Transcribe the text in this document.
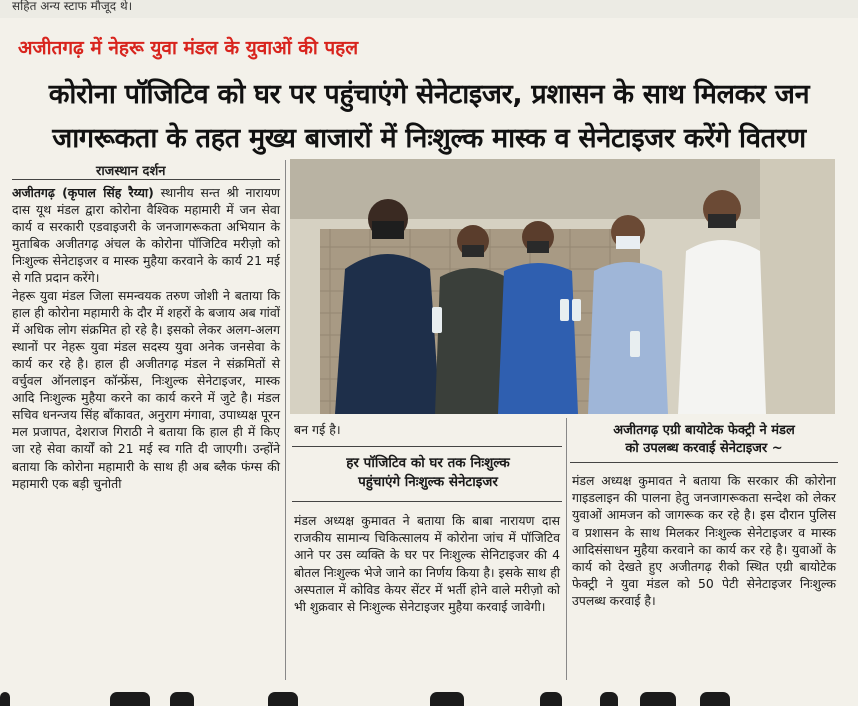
सहित अन्य स्टाफ मौजूद थे।
अजीतगढ़ में नेहरू युवा मंडल के युवाओं की पहल
कोरोना पॉजिटिव को घर पर पहुंचाएंगे सेनेटाइजर, प्रशासन के साथ मिलकर जन
जागरूकता के तहत मुख्य बाजारों में निःशुल्क मास्क व सेनेटाइजर करेंगे वितरण
राजस्थान दर्शन

अजीतगढ़ (कृपाल सिंह रैय्या) स्थानीय सन्त श्री नारायण दास यूथ मंडल द्वारा कोरोना वैश्विक महामारी में जन सेवा कार्य व सरकारी एडवाइजरी के जनजागरूकता अभियान के मुताबिक अजीतगढ़ अंचल के कोरोना पॉजिटिव मरीज़ो को निःशुल्क सेनेटाइजर व मास्क मुहैया करवाने के कार्य 21 मई से गति प्रदान करेंगे।

नेहरू युवा मंडल जिला समन्वयक तरुण जोशी ने बताया कि हाल ही कोरोना महामारी के दौर में शहरों के बजाय अब गांवों में अधिक लोग संक्रमित हो रहे है। इसको लेकर अलग-अलग स्थानों पर नेहरू युवा मंडल सदस्य युवा अनेक जनसेवा के कार्य कर रहे है। हाल ही अजीतगढ़ मंडल ने संक्रमितों से वर्चुवल ऑनलाइन कॉन्फ्रेंस, निःशुल्क सेनेटाइजर, मास्क आदि निःशुल्क मुहैया करने का कार्य करने में जुटे है। मंडल सचिव धनन्जय सिंह बाँकावत, अनुराग मंगावा, उपाध्यक्ष पूरन मल प्रजापत, देशराज गिराठी ने बताया कि हाल ही में किए जा रहे सेवा कार्यों को 21 मई स्व गति दी जाएगी। उन्होंने बताया कि कोरोना महामारी के साथ ही अब ब्लैक फंग्स की महामारी एक बड़ी चुनोती

बन गई है।
हर पॉजिटिव को घर तक निःशुल्क
पहुंचाएंगे निःशुल्क सेनेटाइजर
मंडल अध्यक्ष कुमावत ने बताया कि बाबा नारायण दास राजकीय सामान्य चिकित्सालय में कोरोना जांच में पॉजिटिव आने पर उस व्यक्ति के घर पर निःशुल्क सेनिटाइजर की 4 बोतल निःशुल्क भेजे जाने का निर्णय किया है। इसके साथ ही अस्पताल में कोविड केयर सेंटर में भर्ती होने वाले मरीज़ो को भी शुक्रवार से निःशुल्क सेनेटाइजर मुहैया करवाई जावेगी।
अजीतगढ़ एग्री बायोटेक फेक्ट्री ने मंडल
को उपलब्ध करवाई सेनेटाइजर ~
मंडल अध्यक्ष कुमावत ने बताया कि सरकार की कोरोना गाइडलाइन की पालना हेतु जनजागरूकता सन्देश को लेकर युवाओं आमजन को जागरूक कर रहे है। इस दौरान पुलिस व प्रशासन के साथ मिलकर निःशुल्क सेनेटाइजर व मास्क आदिसंसाधन मुहैया करवाने का कार्य कर रहे है। युवाओं के कार्य को देखते हुए अजीतगढ़ रीको स्थित एग्री बायोटेक फेक्ट्री ने युवा मंडल को 50 पेटी सेनेटाइजर निःशुल्क उपलब्ध करवाई है।
